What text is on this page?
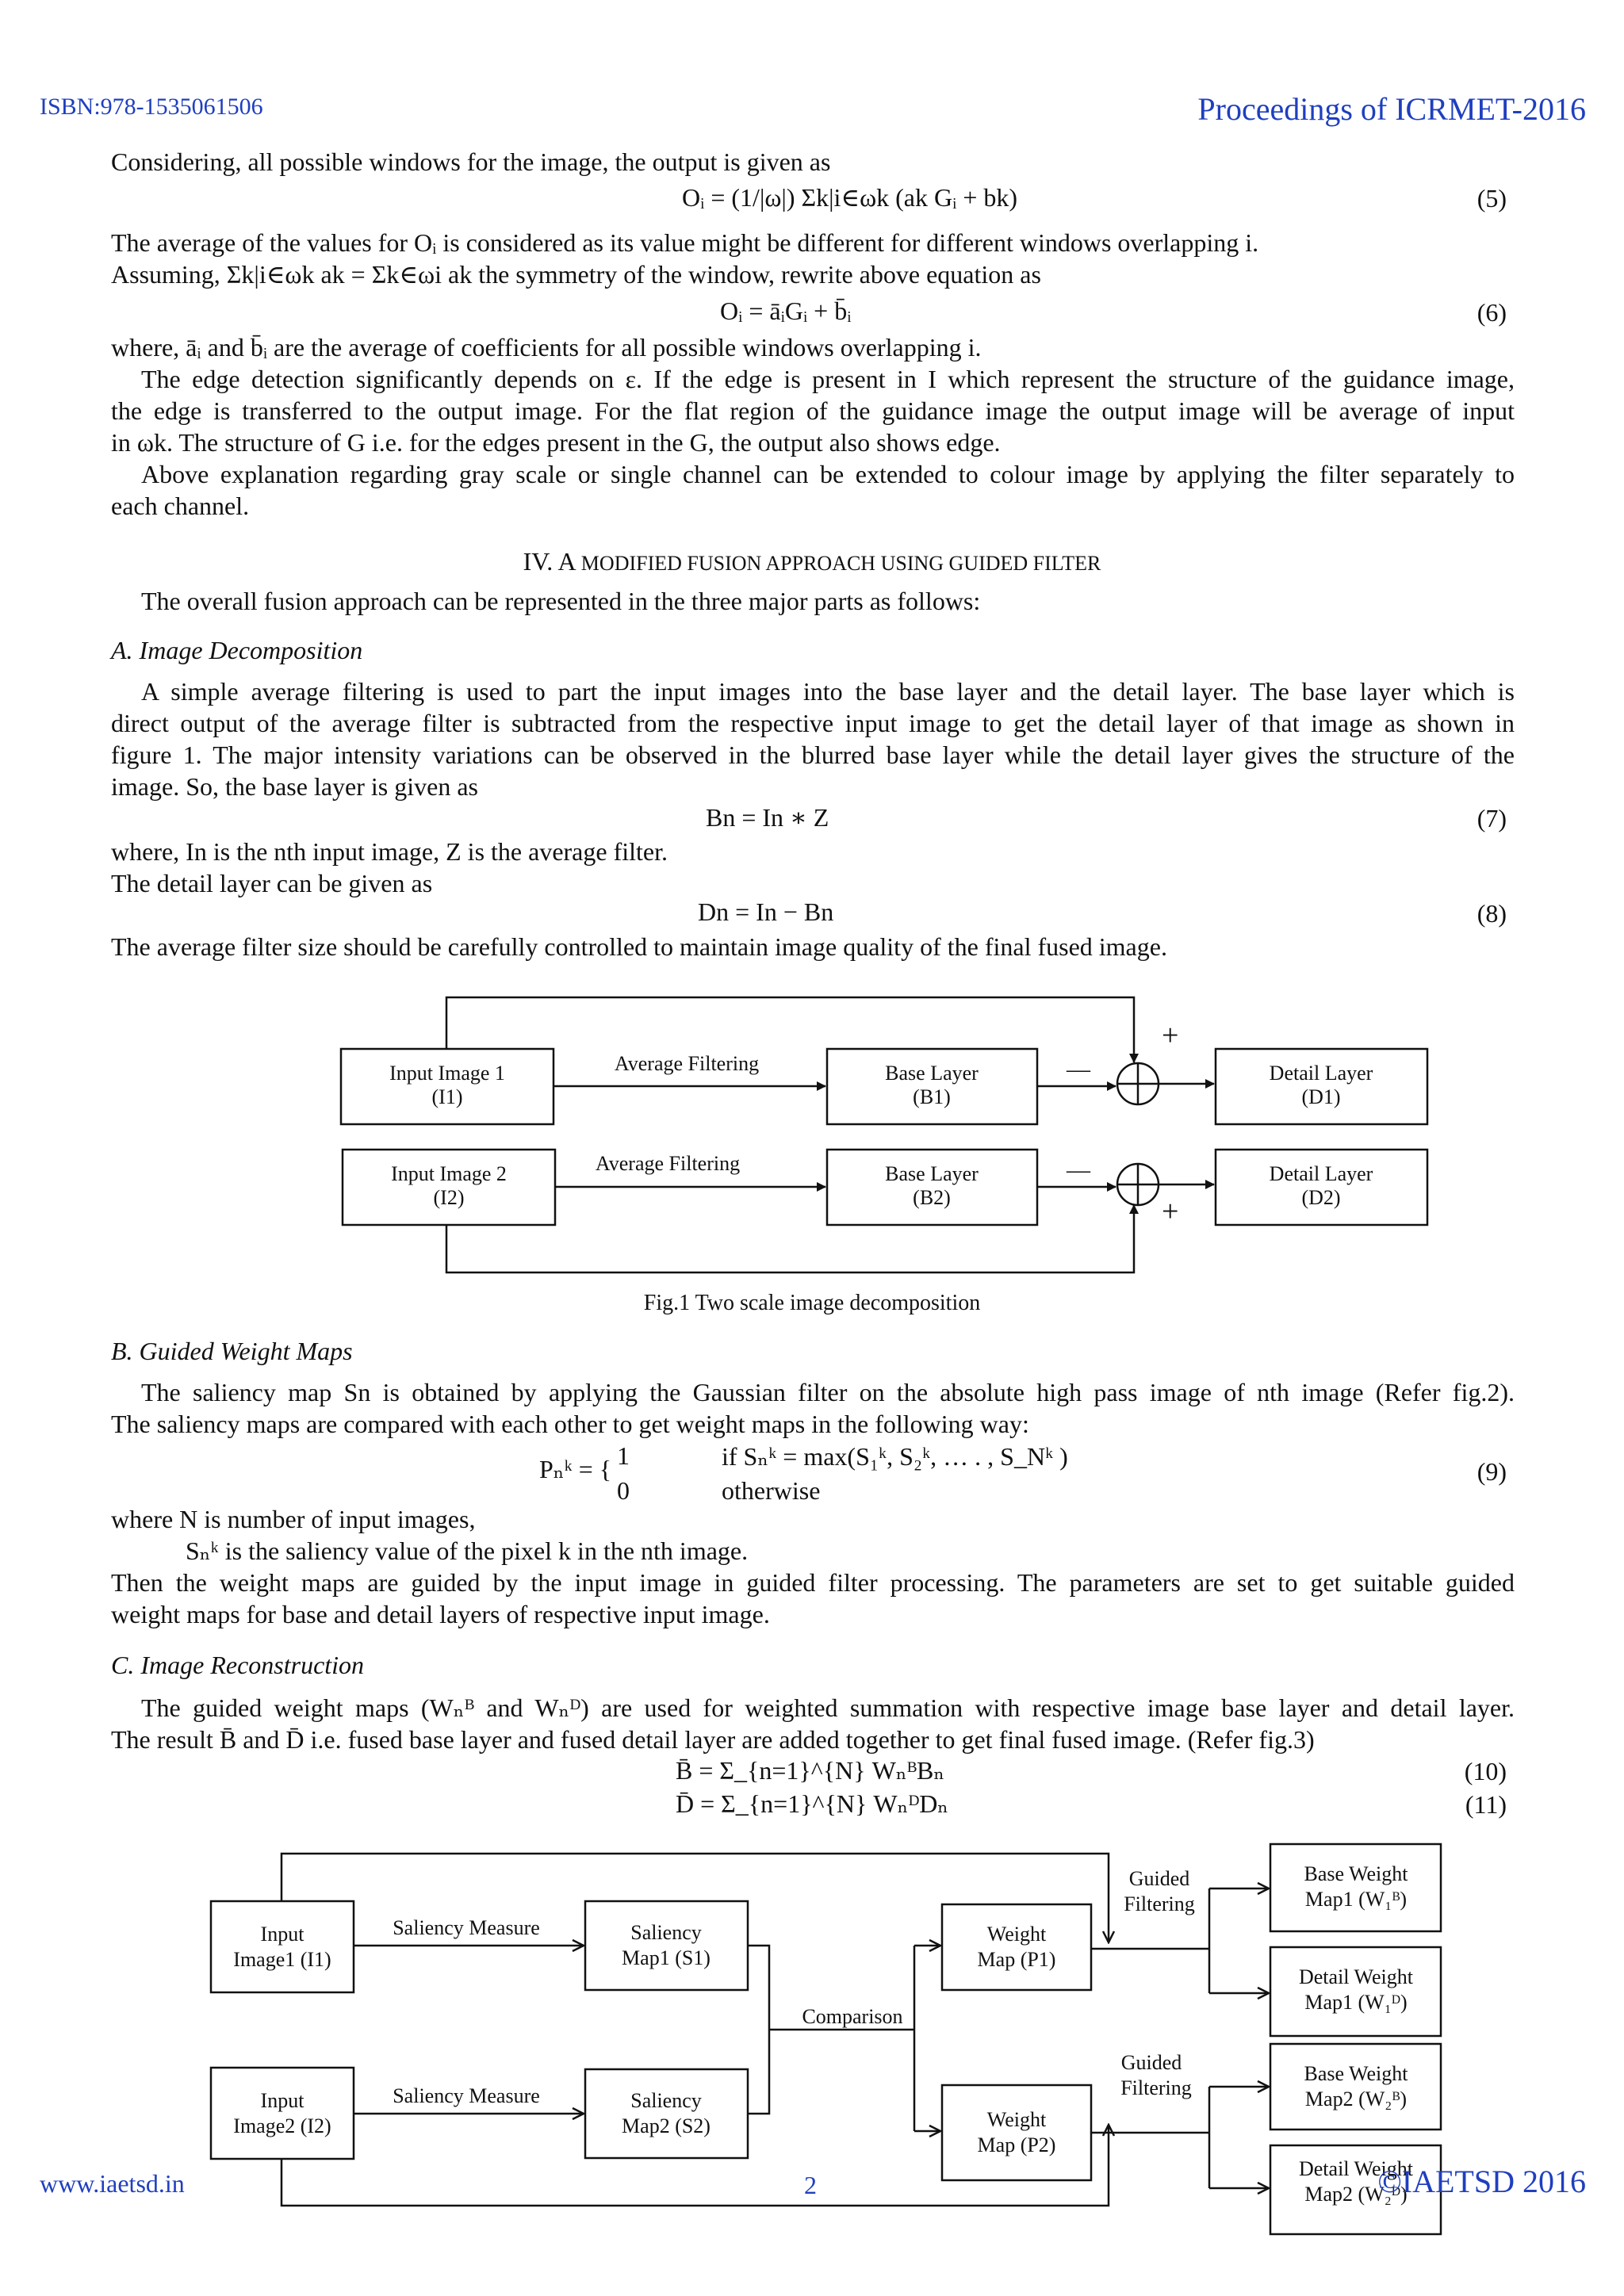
ISBN:978-1535061506	Proceedings of ICRMET-2016
Considering, all possible windows for the image, the output is given as
Oᵢ = (1/|ω|) Σk|i∈ωk (ak Gᵢ + bk)	(5)
The average of the values for Oᵢ is considered as its value might be different for different windows overlapping i.
Assuming, Σk|i∈ωk ak = Σk∈ωi ak the symmetry of the window, rewrite above equation as
Oᵢ = āᵢGᵢ + b̄ᵢ	(6)
where, āᵢ and b̄ᵢ are the average of coefficients for all possible windows overlapping i.
The edge detection significantly depends on ε. If the edge is present in I which represent the structure of the guidance image,
the edge is transferred to the output image. For the flat region of the guidance image the output image will be average of input
in ωk. The structure of G i.e. for the edges present in the G, the output also shows edge.
Above explanation regarding gray scale or single channel can be extended to colour image by applying the filter separately to
each channel.
IV. A MODIFIED FUSION APPROACH USING GUIDED FILTER
The overall fusion approach can be represented in the three major parts as follows:
A. Image Decomposition
A simple average filtering is used to part the input images into the base layer and the detail layer. The base layer which is
direct output of the average filter is subtracted from the respective input image to get the detail layer of that image as shown in
figure 1. The major intensity variations can be observed in the blurred base layer while the detail layer gives the structure of the
image. So, the base layer is given as
Bn = In ∗ Z	(7)
where, In is the nth input image, Z is the average filter.
The detail layer can be given as
Dn = In − Bn	(8)
The average filter size should be carefully controlled to maintain image quality of the final fused image.
Input Image 1
(I1)
Input Image 2
(I2)
Base Layer
(B1)
Base Layer
(B2)
Detail Layer
(D1)
Detail Layer
(D2)
Average Filtering
Average Filtering
+
—
—
+
Fig.1 Two scale image decomposition
B. Guided Weight Maps
The saliency map Sn is obtained by applying the Gaussian filter on the absolute high pass image of nth image (Refer fig.2).
The saliency maps are compared with each other to get weight maps in the following way:
Pₙᵏ = { 1	if Sₙᵏ = max(S₁ᵏ, S₂ᵏ, … . , S_Nᵏ )
0	otherwise
(9)
where N is number of input images,
Sₙᵏ is the saliency value of the pixel k in the nth image.
Then the weight maps are guided by the input image in guided filter processing. The parameters are set to get suitable guided
weight maps for base and detail layers of respective input image.
C. Image Reconstruction
The guided weight maps (Wₙᴮ and Wₙᴰ) are used for weighted summation with respective image base layer and detail layer.
The result B̄ and D̄ i.e. fused base layer and fused detail layer are added together to get final fused image. (Refer fig.3)
B̄ = Σ_{n=1}^{N} WₙᴮBₙ	(10)
D̄ = Σ_{n=1}^{N} WₙᴰDₙ	(11)
Input
Image1 (I1)
Input
Image2 (I2)
Saliency
Map1 (S1)
Saliency
Map2 (S2)
Saliency Measure
Saliency Measure
Comparison
Weight
Map (P1)
Weight
Map (P2)
Guided
Filtering
Guided
Filtering
Base Weight
Map1 (W₁ᴮ)
Detail Weight
Map1 (W₁ᴰ)
Base Weight
Map2 (W₂ᴮ)
Detail Weight
Map2 (W₂ᴰ)
www.iaetsd.in	2	©IAETSD 2016
